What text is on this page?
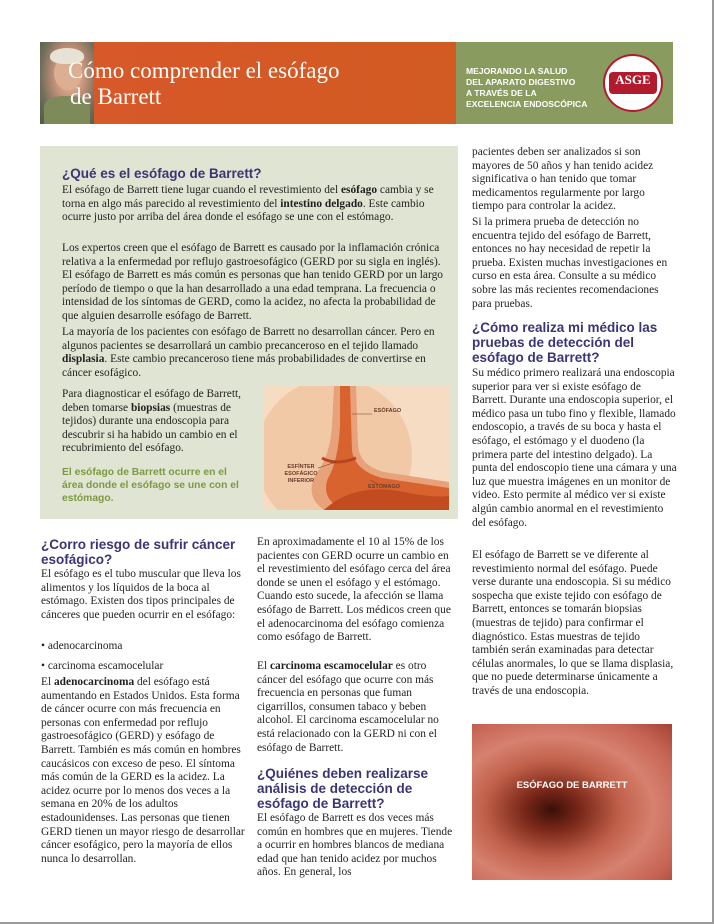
Cómo comprender el esófago
de Barrett
MEJORANDO LA SALUD
DEL APARATO DIGESTIVO
A TRAVÉS DE LA
EXCELENCIA ENDOSCÓPICA
ASGE
¿Qué es el esófago de Barrett?

El esófago de Barrett tiene lugar cuando el revestimiento del esófago cambia y se torna en algo más parecido al revestimiento del intestino delgado. Este cambio ocurre justo por arriba del área donde el esófago se une con el estómago.

Los expertos creen que el esófago de Barrett es causado por la inflamación crónica relativa a la enfermedad por reflujo gastroesofágico (GERD por su sigla en inglés). El esófago de Barrett es más común es personas que han tenido GERD por un largo período de tiempo o que la han desarrollado a una edad temprana. La frecuencia o intensidad de los síntomas de GERD, como la acidez, no afecta la probabilidad de que alguien desarrolle esófago de Barrett.

La mayoría de los pacientes con esófago de Barrett no desarrollan cáncer. Pero en algunos pacientes se desarrollará un cambio precanceroso en el tejido llamado displasia. Este cambio precanceroso tiene más probabilidades de convertirse en cáncer esofágico.

Para diagnosticar el esófago de Barrett, deben tomarse biopsias (muestras de tejidos) durante una endoscopia para descubrir si ha habido un cambio en el recubrimiento del esófago.

El esófago de Barrett ocurre en el área donde el esófago se une con el estómago.
ESÓFAGO
ESFÍNTER ESOFÁGICO INFERIOR
ESTÓMAGO
¿Corro riesgo de sufrir cáncer esofágico?

El esófago es el tubo muscular que lleva los alimentos y los líquidos de la boca al estómago. Existen dos tipos principales de cánceres que pueden ocurrir en el esófago:

• adenocarcinoma
• carcinoma escamocelular

El adenocarcinoma del esófago está aumentando en Estados Unidos. Esta forma de cáncer ocurre con más frecuencia en personas con enfermedad por reflujo gastroesofágico (GERD) y esófago de Barrett. También es más común en hombres caucásicos con exceso de peso. El síntoma más común de la GERD es la acidez. La acidez ocurre por lo menos dos veces a la semana en 20% de los adultos estadounidenses. Las personas que tienen GERD tienen un mayor riesgo de desarrollar cáncer esofágico, pero la mayoría de ellos nunca lo desarrollan.

En aproximadamente el 10 al 15% de los pacientes con GERD ocurre un cambio en el revestimiento del esófago cerca del área donde se unen el esófago y el estómago. Cuando esto sucede, la afección se llama esófago de Barrett. Los médicos creen que el adenocarcinoma del esófago comienza como esófago de Barrett.

El carcinoma escamocelular es otro cáncer del esófago que ocurre con más frecuencia en personas que fuman cigarrillos, consumen tabaco y beben alcohol. El carcinoma escamocelular no está relacionado con la GERD ni con el esófago de Barrett.

¿Quiénes deben realizarse análisis de detección de esófago de Barrett?

El esófago de Barrett es dos veces más común en hombres que en mujeres. Tiende a ocurrir en hombres blancos de mediana edad que han tenido acidez por muchos años. En general, los

pacientes deben ser analizados si son mayores de 50 años y han tenido acidez significativa o han tenido que tomar medicamentos regularmente por largo tiempo para controlar la acidez.

Si la primera prueba de detección no encuentra tejido del esófago de Barrett, entonces no hay necesidad de repetir la prueba. Existen muchas investigaciones en curso en esta área. Consulte a su médico sobre las más recientes recomendaciones para pruebas.

¿Cómo realiza mi médico las pruebas de detección del esófago de Barrett?

Su médico primero realizará una endoscopia superior para ver si existe esófago de Barrett. Durante una endoscopia superior, el médico pasa un tubo fino y flexible, llamado endoscopio, a través de su boca y hasta el esófago, el estómago y el duodeno (la primera parte del intestino delgado). La punta del endoscopio tiene una cámara y una luz que muestra imágenes en un monitor de video. Esto permite al médico ver si existe algún cambio anormal en el revestimiento del esófago.

El esófago de Barrett se ve diferente al revestimiento normal del esófago. Puede verse durante una endoscopia. Si su médico sospecha que existe tejido con esófago de Barrett, entonces se tomarán biopsias (muestras de tejido) para confirmar el diagnóstico. Estas muestras de tejido también serán examinadas para detectar células anormales, lo que se llama displasia, que no puede determinarse únicamente a través de una endoscopia.

ESÓFAGO DE BARRETT
